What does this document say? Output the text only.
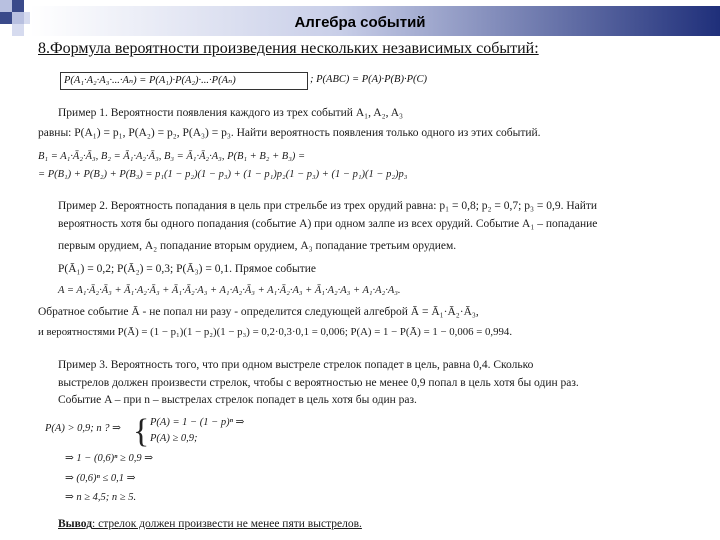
Алгебра событий
8.Формула вероятности произведения нескольких независимых событий:
P(A₁·A₂·A₃·...·Aₙ) = P(A₁)·P(A₂)·...·P(Aₙ)	; P(ABC) = P(A)·P(B)·P(C)
Пример 1. Вероятности появления каждого из трех событий A₁, A₂, A₃
равны: P(A₁) = p₁, P(A₂) = p₂, P(A₃) = p₃. Найти вероятность появления только одного из этих событий.
B₁ = A₁·Ā₂·Ā₃, B₂ = Ā₁·A₂·Ā₃, B₃ = Ā₁·Ā₂·A₃, P(B₁ + B₂ + B₃) =
= P(B₁) + P(B₂) + P(B₃) = p₁(1 − p₂)(1 − p₃) + (1 − p₁)p₂(1 − p₃) + (1 − p₁)(1 − p₂)p₃
Пример 2. Вероятность попадания в цель при стрельбе из трех орудий равна: p₁ = 0,8; p₂ = 0,7; p₃ = 0,9. Найти
вероятность хотя бы одного попадания (событие А) при одном залпе из всех орудий. Событие A₁ – попадание
первым орудием, A₂ попадание вторым орудием, A₃ попадание третьим орудием.
P(Ā₁) = 0,2; P(Ā₂) = 0,3; P(Ā₃) = 0,1. Прямое событие
A = A₁·Ā₂·Ā₃ + Ā₁·A₂·Ā₃ + Ā₁·Ā₂·A₃ + A₁·A₂·Ā₃ + A₁·Ā₂·A₃ + Ā₁·A₂·A₃ + A₁·A₂·A₃.
Обратное событие Ā - не попал ни разу - определится следующей алгеброй Ā = Ā₁·Ā₂·Ā₃,
и вероятностями P(Ā) = (1 − p₁)(1 − p₂)(1 − p₃) = 0,2·0,3·0,1 = 0,006; P(A) = 1 − P(Ā) = 1 − 0,006 = 0,994.
Пример 3. Вероятность того, что при одном выстреле стрелок попадет в цель, равна 0,4. Сколько
выстрелов должен произвести стрелок, чтобы с вероятностью не менее 0,9 попал в цель хотя бы один раз.
Событие A – при n – выстрелах стрелок попадет в цель хотя бы один раз.
P(A) > 0,9; n ? ⇒ { P(A) = 1 − (1 − p)ⁿ ⇒
P(A) ≥ 0,9;
⇒ 1 − (0,6)ⁿ ≥ 0,9 ⇒
⇒ (0,6)ⁿ ≤ 0,1 ⇒
⇒ n ≥ 4,5; n ≥ 5.
Вывод: стрелок должен произвести не менее пяти выстрелов.
